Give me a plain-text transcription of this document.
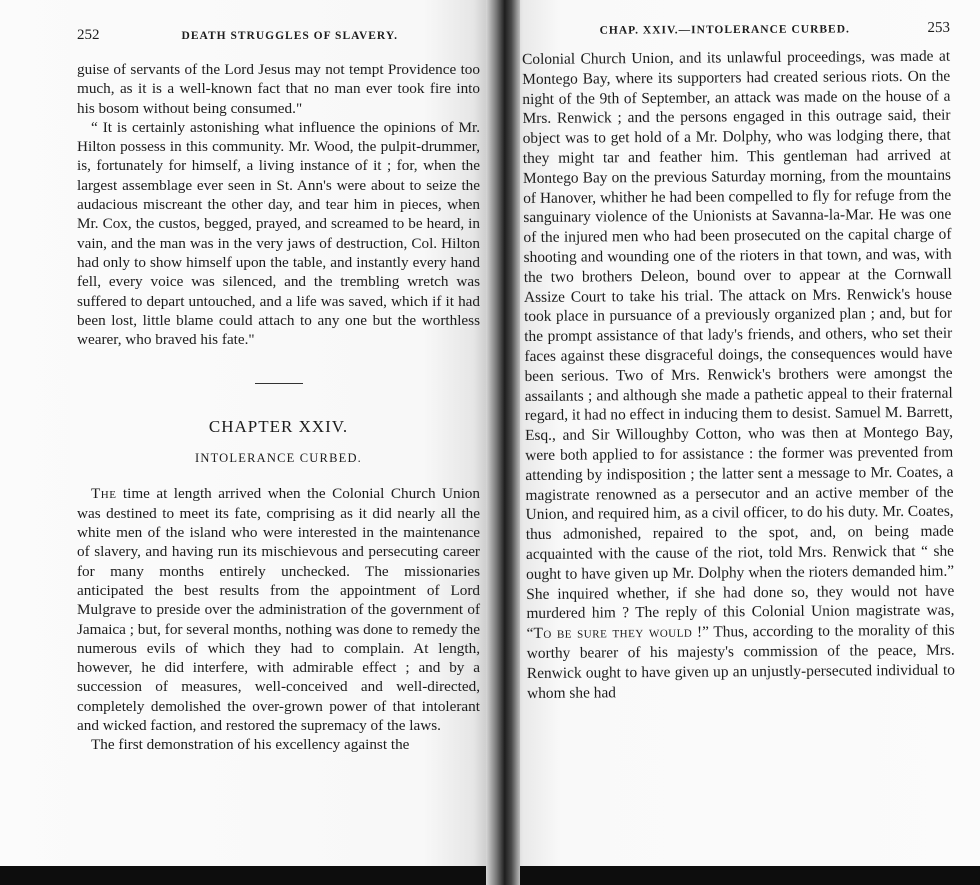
252	DEATH STRUGGLES OF SLAVERY.

guise of servants of the Lord Jesus may not tempt Providence too much, as it is a well-known fact that no man ever took fire into his bosom without being consumed."

“ It is certainly astonishing what influence the opinions of Mr. Hilton possess in this community. Mr. Wood, the pulpit-drummer, is, fortunately for himself, a living instance of it ; for, when the largest assemblage ever seen in St. Ann's were about to seize the audacious miscreant the other day, and tear him in pieces, when Mr. Cox, the custos, begged, prayed, and screamed to be heard, in vain, and the man was in the very jaws of destruction, Col. Hilton had only to show himself upon the table, and instantly every hand fell, every voice was silenced, and the trembling wretch was suffered to depart untouched, and a life was saved, which if it had been lost, little blame could attach to any one but the worthless wearer, who braved his fate."

CHAPTER XXIV.

INTOLERANCE CURBED.

The time at length arrived when the Colonial Church Union was destined to meet its fate, comprising as it did nearly all the white men of the island who were interested in the maintenance of slavery, and having run its mischievous and persecuting career for many months entirely unchecked. The missionaries anticipated the best results from the appointment of Lord Mulgrave to preside over the administration of the government of Jamaica ; but, for several months, nothing was done to remedy the numerous evils of which they had to complain. At length, however, he did interfere, with admirable effect ; and by a succession of measures, well-conceived and well-directed, completely demolished the over-grown power of that intolerant and wicked faction, and restored the supremacy of the laws.

The first demonstration of his excellency against the

CHAP. XXIV.—INTOLERANCE CURBED.	253

Colonial Church Union, and its unlawful proceedings, was made at Montego Bay, where its supporters had created serious riots. On the night of the 9th of September, an attack was made on the house of a Mrs. Renwick ; and the persons engaged in this outrage said, their object was to get hold of a Mr. Dolphy, who was lodging there, that they might tar and feather him. This gentleman had arrived at Montego Bay on the previous Saturday morning, from the mountains of Hanover, whither he had been compelled to fly for refuge from the sanguinary violence of the Unionists at Savanna-la-Mar. He was one of the injured men who had been prosecuted on the capital charge of shooting and wounding one of the rioters in that town, and was, with the two brothers Deleon, bound over to appear at the Cornwall Assize Court to take his trial. The attack on Mrs. Renwick's house took place in pursuance of a previously organized plan ; and, but for the prompt assistance of that lady's friends, and others, who set their faces against these disgraceful doings, the consequences would have been serious. Two of Mrs. Renwick's brothers were amongst the assailants ; and although she made a pathetic appeal to their fraternal regard, it had no effect in inducing them to desist. Samuel M. Barrett, Esq., and Sir Willoughby Cotton, who was then at Montego Bay, were both applied to for assistance : the former was prevented from attending by indisposition ; the latter sent a message to Mr. Coates, a magistrate renowned as a persecutor and an active member of the Union, and required him, as a civil officer, to do his duty. Mr. Coates, thus admonished, repaired to the spot, and, on being made acquainted with the cause of the riot, told Mrs. Renwick that “ she ought to have given up Mr. Dolphy when the rioters demanded him.” She inquired whether, if she had done so, they would not have murdered him ? The reply of this Colonial Union magistrate was, “To be sure they would !” Thus, according to the morality of this worthy bearer of his majesty's commission of the peace, Mrs. Renwick ought to have given up an unjustly-persecuted individual to whom she had
